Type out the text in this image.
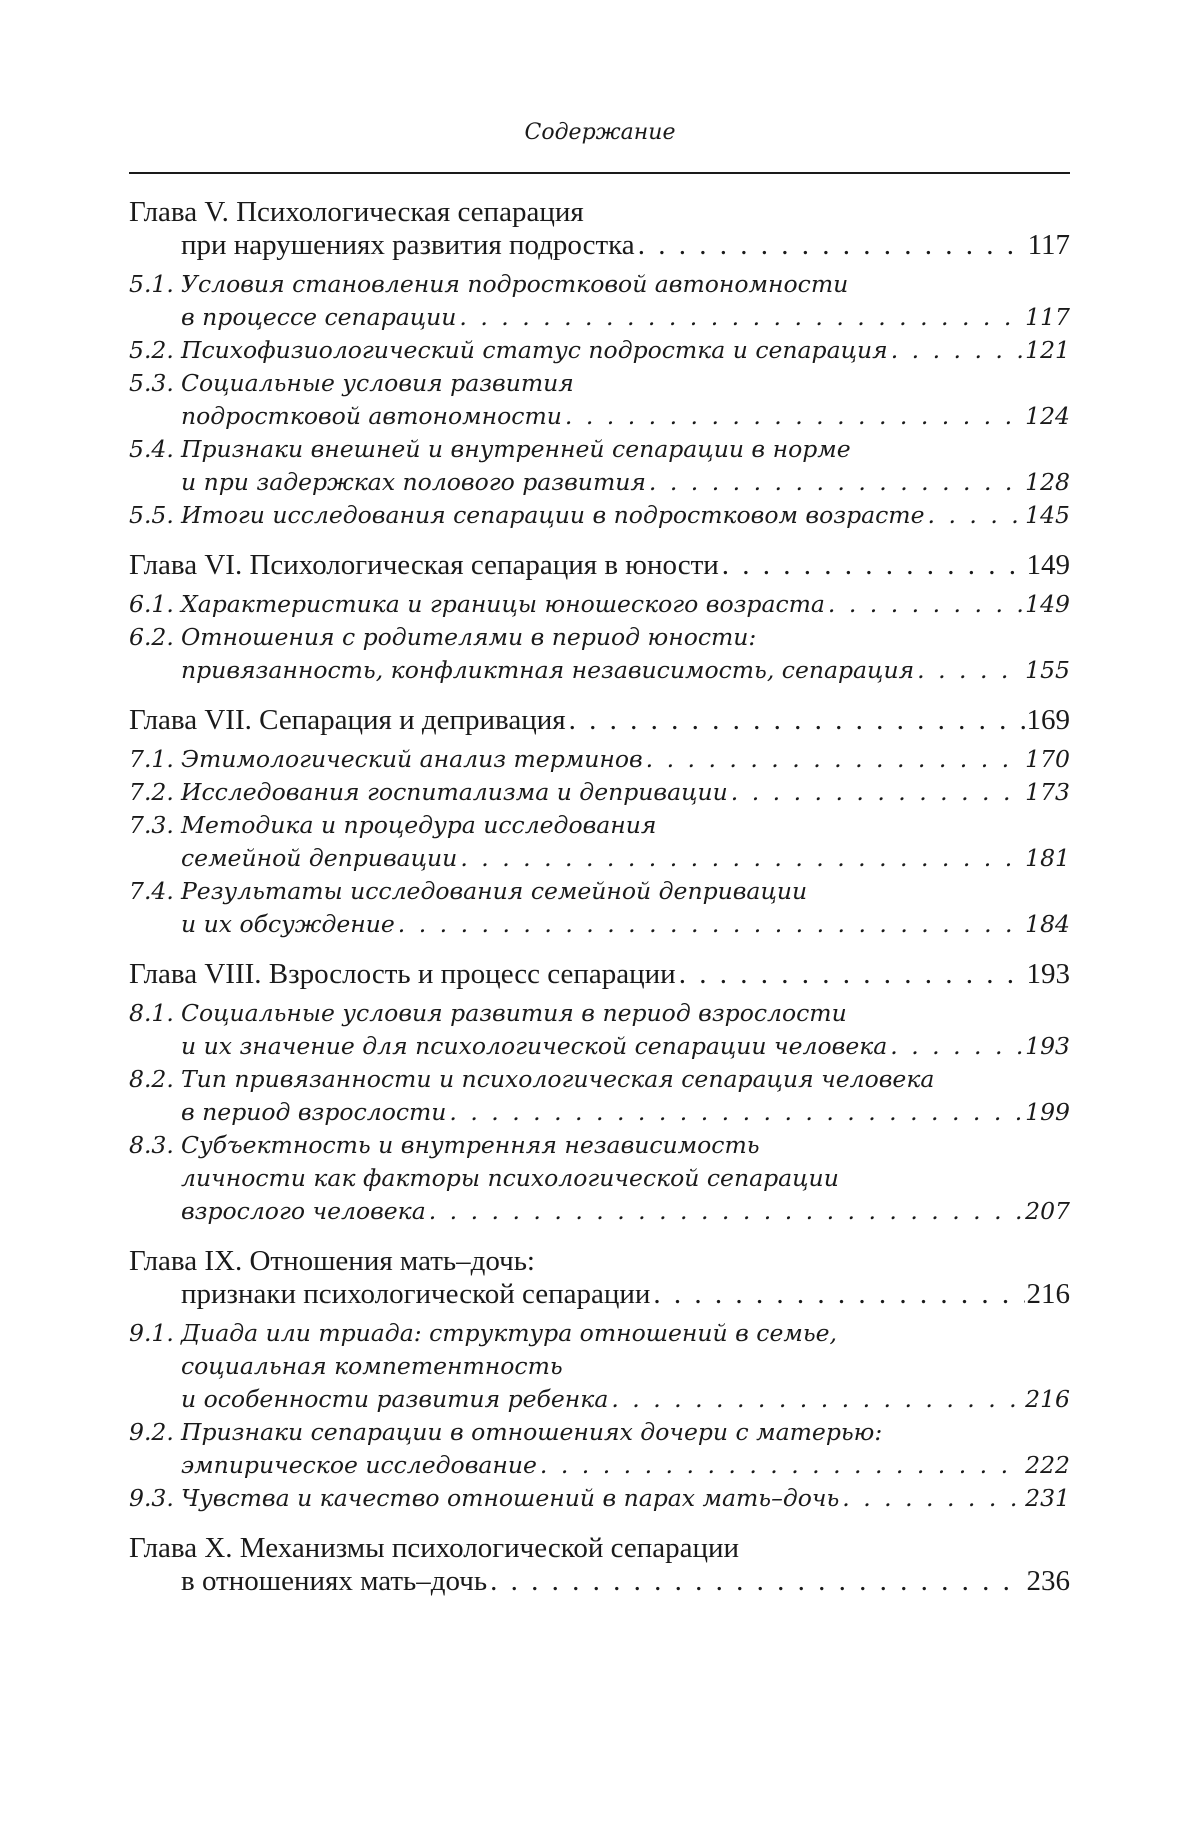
Содержание
Глава V. Психологическая сепарация
при нарушениях развития подростка . . .	117
5.1. Условия становления подростковой автономности
в процессе сепарации . . .	117
5.2. Психофизиологический статус подростка и сепарация . . .	121
5.3. Социальные условия развития
подростковой автономности . . .	124
5.4. Признаки внешней и внутренней сепарации в норме
и при задержках полового развития . . .	128
5.5. Итоги исследования сепарации в подростковом возрасте . . .	145
Глава VI. Психологическая сепарация в юности . . .	149
6.1. Характеристика и границы юношеского возраста . . .	149
6.2. Отношения с родителями в период юности:
привязанность, конфликтная независимость, сепарация . . .	155
Глава VII. Сепарация и депривация . . .	169
7.1. Этимологический анализ терминов . . .	170
7.2. Исследования госпитализма и депривации . . .	173
7.3. Методика и процедура исследования
семейной депривации . . .	181
7.4. Результаты исследования семейной депривации
и их обсуждение . . .	184
Глава VIII. Взрослость и процесс сепарации . . .	193
8.1. Социальные условия развития в период взрослости
и их значение для психологической сепарации человека . . .	193
8.2. Тип привязанности и психологическая сепарация человека
в период взрослости . . .	199
8.3. Субъектность и внутренняя независимость
личности как факторы психологической сепарации
взрослого человека . . .	207
Глава IX. Отношения мать–дочь:
признаки психологической сепарации . . .	216
9.1. Диада или триада: структура отношений в семье,
социальная компетентность
и особенности развития ребенка . . .	216
9.2. Признаки сепарации в отношениях дочери с матерью:
эмпирическое исследование . . .	222
9.3. Чувства и качество отношений в парах мать–дочь . . .	231
Глава X. Механизмы психологической сепарации
в отношениях мать–дочь . . .	236
